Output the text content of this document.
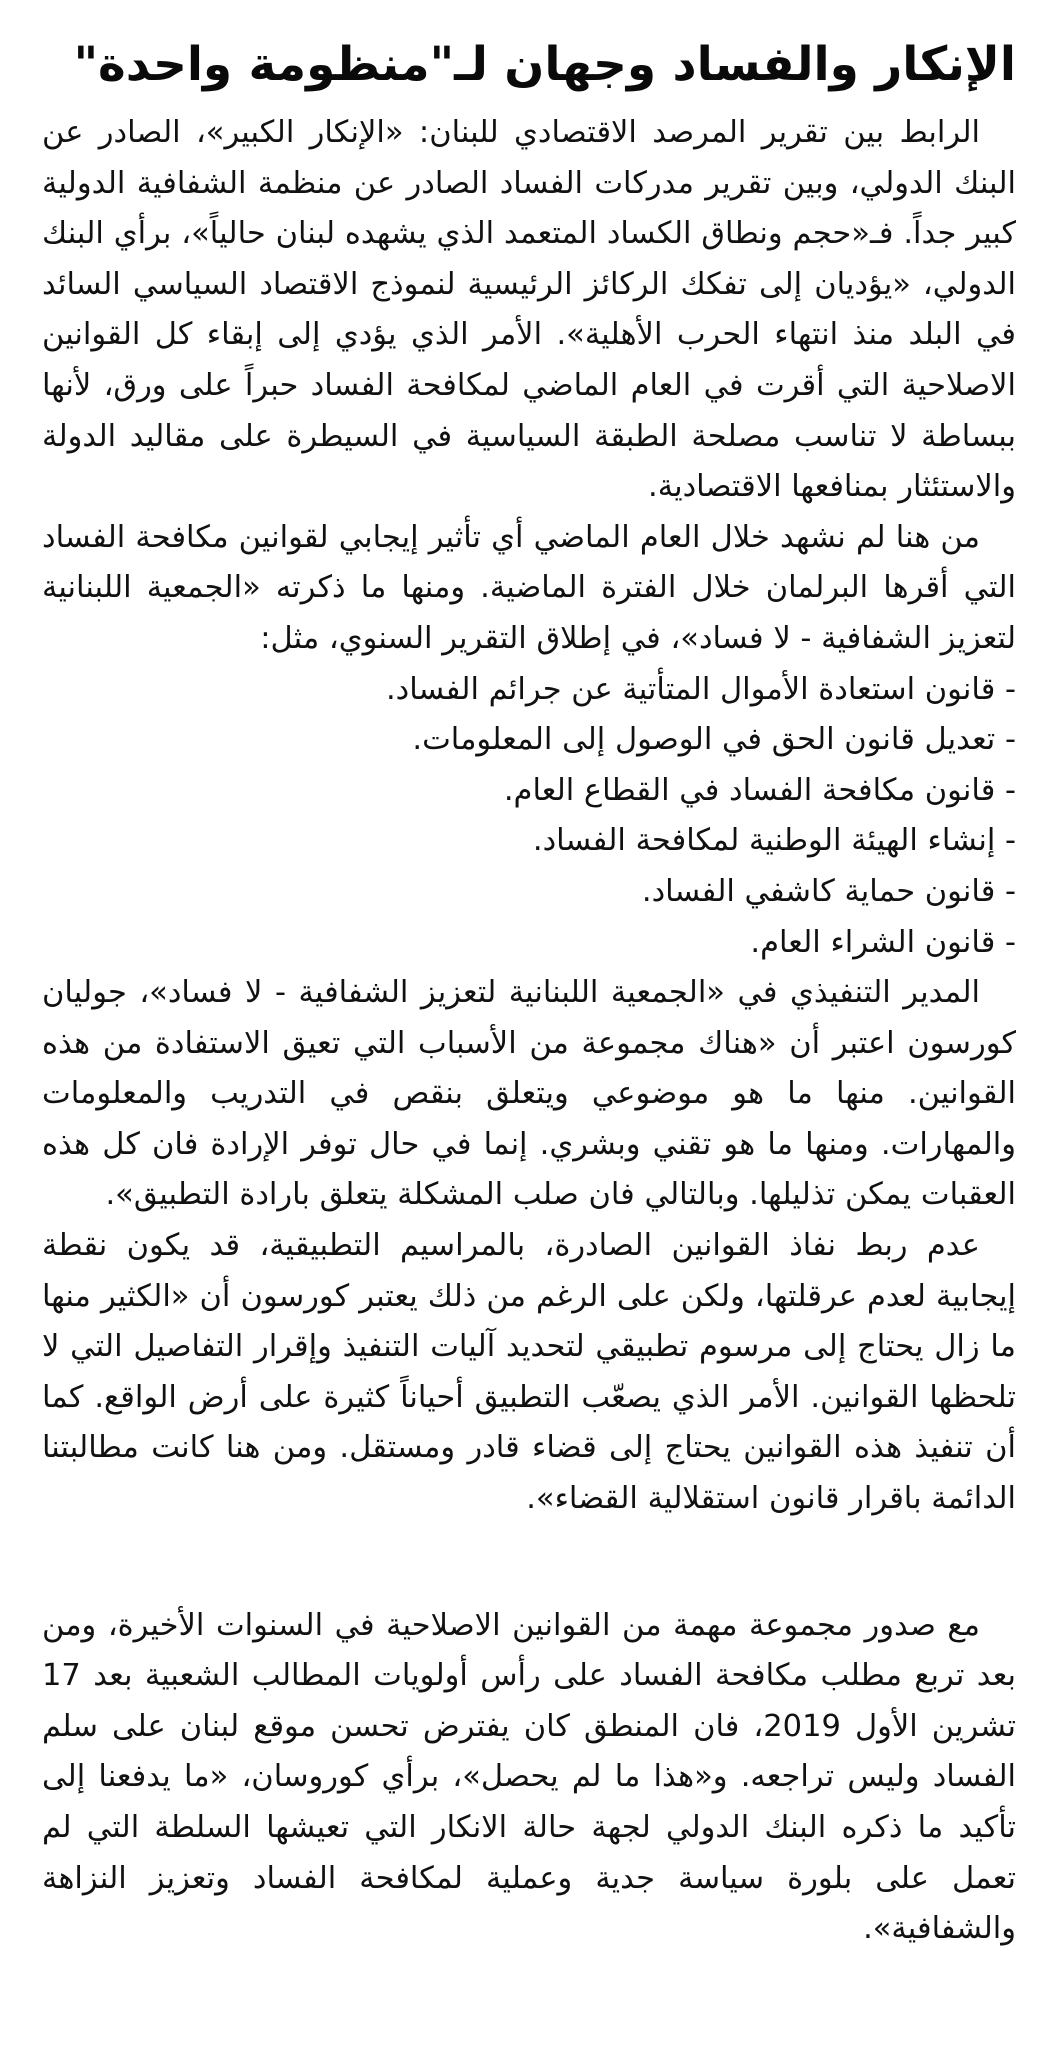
الإنكار والفساد وجهان لـ"منظومة واحدة"

الرابط بين تقرير المرصد الاقتصادي للبنان: «الإنكار الكبير»، الصادر عن البنك الدولي، وبين تقرير مدركات الفساد الصادر عن منظمة الشفافية الدولية كبير جداً. فـ«حجم ونطاق الكساد المتعمد الذي يشهده لبنان حالياً»، برأي البنك الدولي، «يؤديان إلى تفكك الركائز الرئيسية لنموذج الاقتصاد السياسي السائد في البلد منذ انتهاء الحرب الأهلية». الأمر الذي يؤدي إلى إبقاء كل القوانين الاصلاحية التي أقرت في العام الماضي لمكافحة الفساد حبراً على ورق، لأنها ببساطة لا تناسب مصلحة الطبقة السياسية في السيطرة على مقاليد الدولة والاستئثار بمنافعها الاقتصادية.

من هنا لم نشهد خلال العام الماضي أي تأثير إيجابي لقوانين مكافحة الفساد التي أقرها البرلمان خلال الفترة الماضية. ومنها ما ذكرته «الجمعية اللبنانية لتعزيز الشفافية - لا فساد»، في إطلاق التقرير السنوي، مثل:

- قانون استعادة الأموال المتأتية عن جرائم الفساد.

- تعديل قانون الحق في الوصول إلى المعلومات.

- قانون مكافحة الفساد في القطاع العام.

- إنشاء الهيئة الوطنية لمكافحة الفساد.

- قانون حماية كاشفي الفساد.

- قانون الشراء العام.

المدير التنفيذي في «الجمعية اللبنانية لتعزيز الشفافية - لا فساد»، جوليان كورسون اعتبر أن «هناك مجموعة من الأسباب التي تعيق الاستفادة من هذه القوانين. منها ما هو موضوعي ويتعلق بنقص في التدريب والمعلومات والمهارات. ومنها ما هو تقني وبشري. إنما في حال توفر الإرادة فان كل هذه العقبات يمكن تذليلها. وبالتالي فان صلب المشكلة يتعلق بارادة التطبيق».

عدم ربط نفاذ القوانين الصادرة، بالمراسيم التطبيقية، قد يكون نقطة إيجابية لعدم عرقلتها، ولكن على الرغم من ذلك يعتبر كورسون أن «الكثير منها ما زال يحتاج إلى مرسوم تطبيقي لتحديد آليات التنفيذ وإقرار التفاصيل التي لا تلحظها القوانين. الأمر الذي يصعّب التطبيق أحياناً كثيرة على أرض الواقع. كما أن تنفيذ هذه القوانين يحتاج إلى قضاء قادر ومستقل. ومن هنا كانت مطالبتنا الدائمة باقرار قانون استقلالية القضاء».

مع صدور مجموعة مهمة من القوانين الاصلاحية في السنوات الأخيرة، ومن بعد تربع مطلب مكافحة الفساد على رأس أولويات المطالب الشعبية بعد 17 تشرين الأول 2019، فان المنطق كان يفترض تحسن موقع لبنان على سلم الفساد وليس تراجعه. و«هذا ما لم يحصل»، برأي كوروسان، «ما يدفعنا إلى تأكيد ما ذكره البنك الدولي لجهة حالة الانكار التي تعيشها السلطة التي لم تعمل على بلورة سياسة جدية وعملية لمكافحة الفساد وتعزيز النزاهة والشفافية».
